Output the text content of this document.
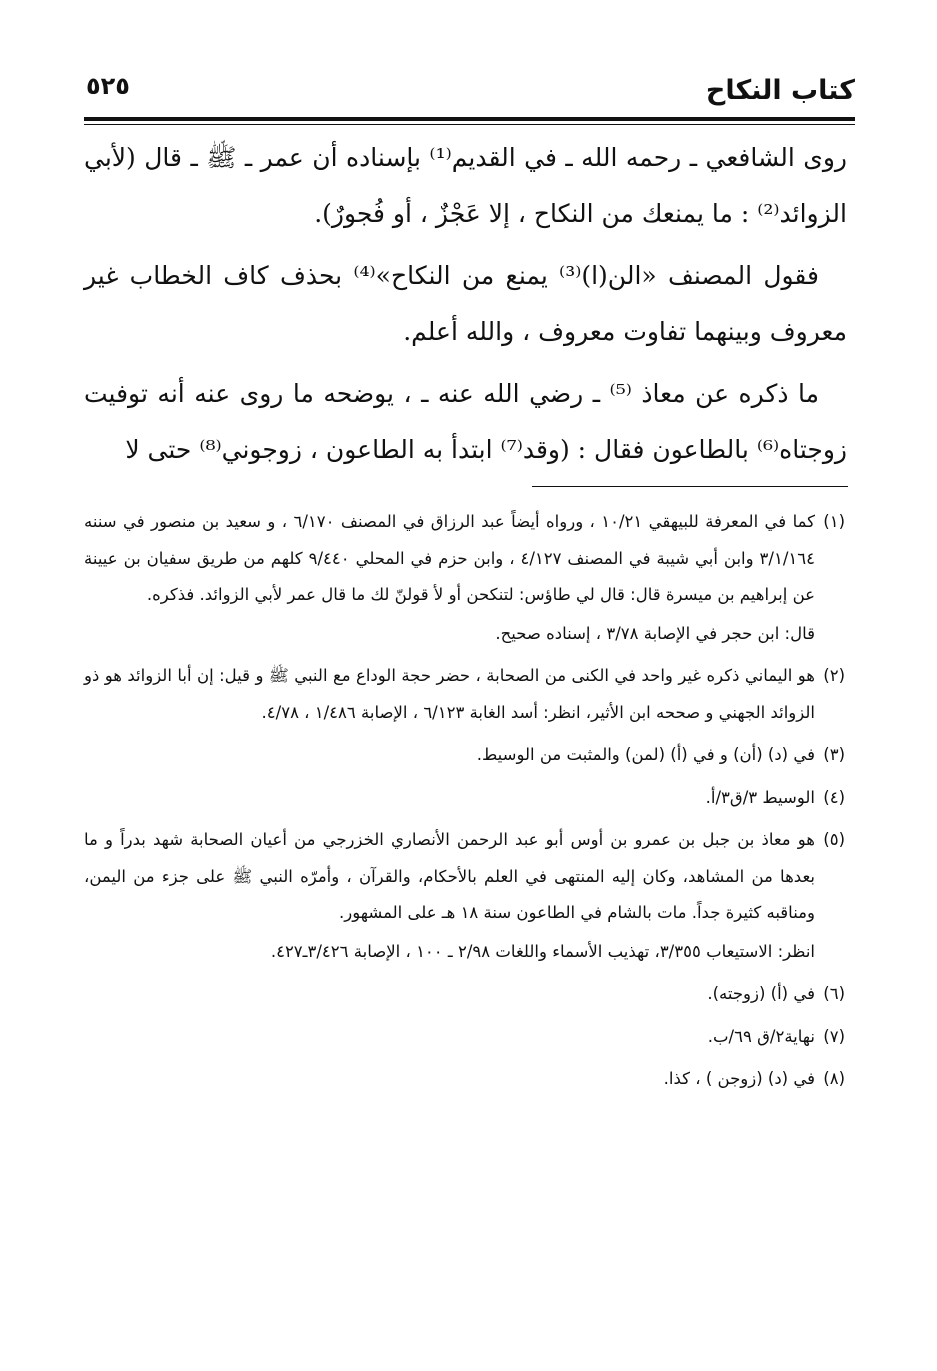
كتاب النكاح
٥٢٥

روى الشافعي ـ رحمه الله ـ في القديم⁽¹⁾ بإسناده أن عمر ـ ﷺ ـ قال (لأبي الزوائد⁽²⁾ : ما يمنعك من النكاح ، إلا عَجْزٌ ، أو فُجورٌ).

فقول المصنف «الن(ا)⁽³⁾ يمنع من النكاح»⁽⁴⁾ بحذف كاف الخطاب غير معروف وبينهما تفاوت معروف ، والله أعلم.

ما ذكره عن معاذ ⁽⁵⁾ ـ رضي الله عنه ـ ، يوضحه ما روى عنه أنه توفيت زوجتاه⁽⁶⁾ بالطاعون فقال : (وقد⁽⁷⁾ ابتدأ به الطاعون ، زوجوني⁽⁸⁾ حتى لا

(١)كما في المعرفة للبيهقي ١٠/٢١ ، ورواه أيضاً عبد الرزاق في المصنف ٦/١٧٠ ، و سعيد بن منصور في سننه ٣/١/١٦٤ وابن أبي شيبة في المصنف ٤/١٢٧ ، وابن حزم في المحلي ٩/٤٤٠ كلهم من طريق سفيان بن عيينة عن إبراهيم بن ميسرة قال: قال لي طاؤس: لتنكحن أو لأ قولنّ لك ما قال عمر لأبي الزوائد. فذكره.

قال: ابن حجر في الإصابة ٣/٧٨ ، إسناده صحيح.

(٢)هو اليماني ذكره غير واحد في الكنى من الصحابة ، حضر حجة الوداع مع النبي ﷺ و قيل: إن أبا الزوائد هو ذو الزوائد الجهني و صححه ابن الأثير، انظر: أسد الغابة ٦/١٢٣ ، الإصابة ١/٤٨٦ ، ٤/٧٨.

(٣)في (د) (أن) و في (أ) (لمن) والمثبت من الوسيط.

(٤)الوسيط ٣/ق٣/أ.

(٥)هو معاذ بن جبل بن عمرو بن أوس أبو عبد الرحمن الأنصاري الخزرجي من أعيان الصحابة شهد بدراً و ما بعدها من المشاهد، وكان إليه المنتهى في العلم بالأحكام، والقرآن ، وأمرّه النبي ﷺ على جزء من اليمن، ومناقبه كثيرة جداً. مات بالشام في الطاعون سنة ١٨ هـ على المشهور.

انظر: الاستيعاب ٣/٣٥٥، تهذيب الأسماء واللغات ٢/٩٨ ـ ١٠٠ ، الإصابة ٣/٤٢٦ـ٤٢٧.

(٦)في (أ) (زوجته).

(٧)نهاية٢/ق ٦٩/ب.

(٨)في (د) (زوجن ) ، كذا.
